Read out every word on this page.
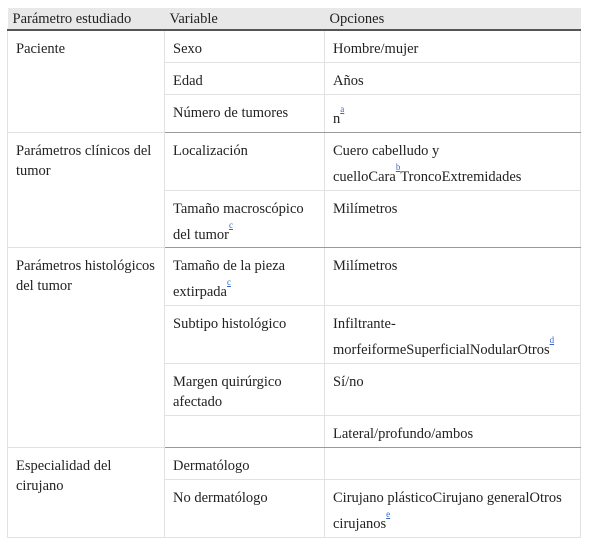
Parámetro estudiado	Variable	Opciones
Paciente	Sexo	Hombre/mujer
	Edad	Años
	Número de tumores	n$^{^a}$
Parámetros clínicos del tumor	Localización	Cuero cabelludo y cuelloCara$^{^b}$TroncoExtremidades
	Tamaño macroscópico del tumor$^{^c}$	Milímetros
Parámetros histológicos del tumor	Tamaño de la pieza extirpada$^{^c}$	Milímetros
	Subtipo histológico	Infiltrante-morfeiformeSuperficialNodularOtros$^{^d}$
	Margen quirúrgico afectado	Sí/no
		Lateral/profundo/ambos
Especialidad del cirujano	Dermatólogo	
	No dermatólogo	Cirujano plásticoCirujano generalOtros cirujanos$^{^e}$
